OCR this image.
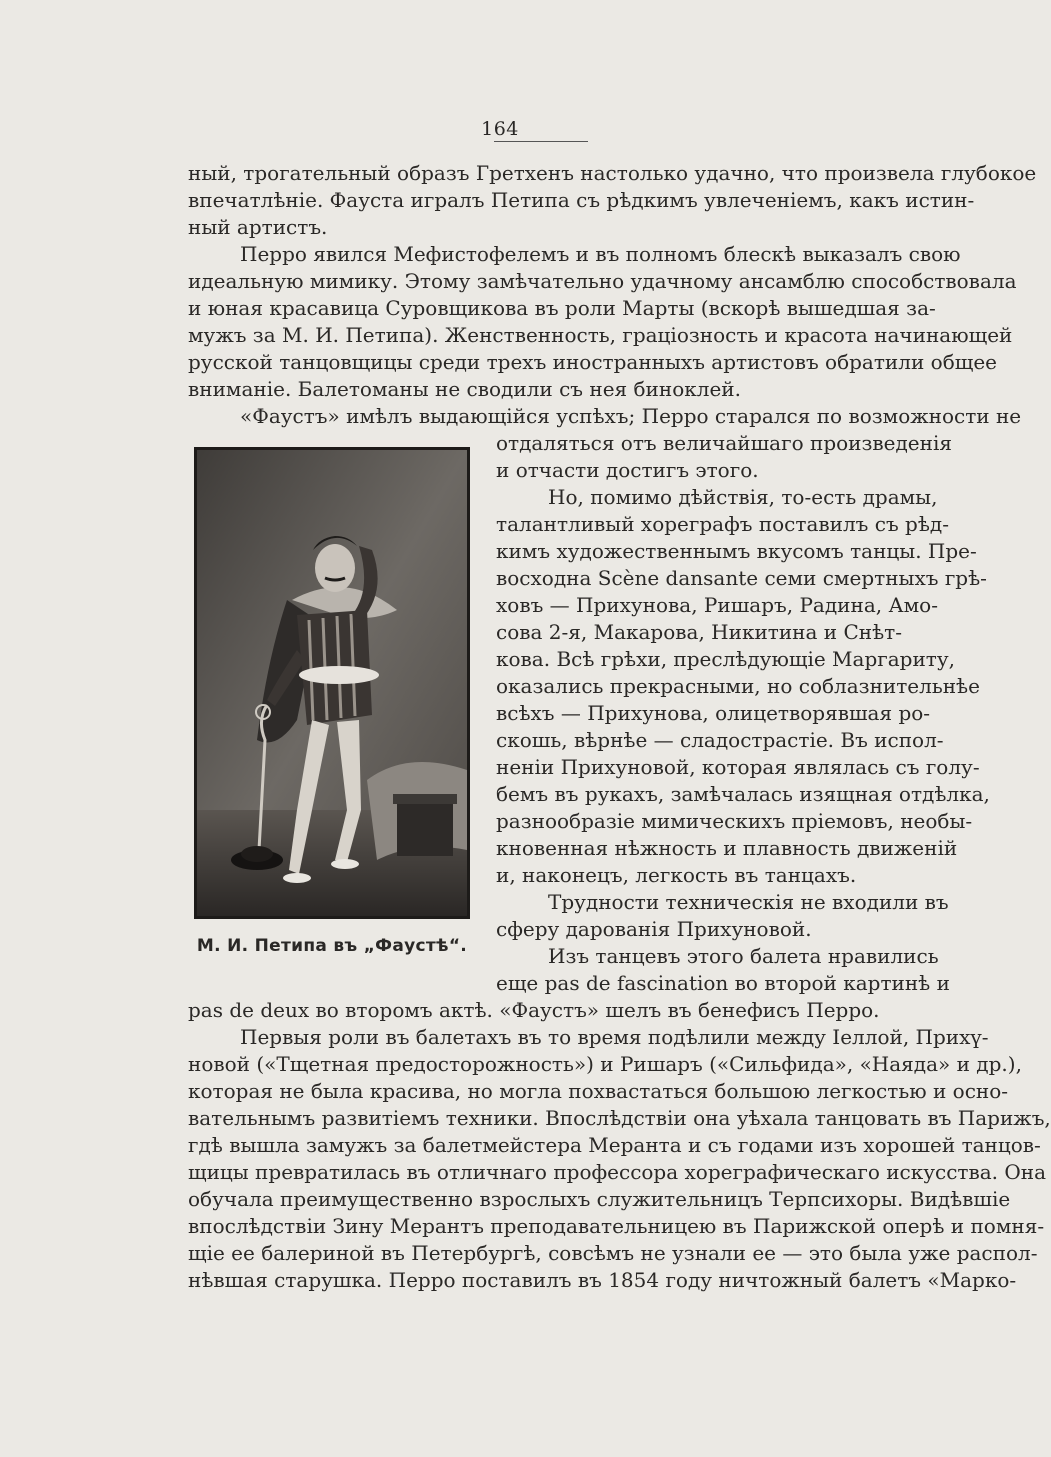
164
ный, трогательный образъ Гретхенъ настолько удачно, что произвела глубокое
впечатлѣніе. Фауста игралъ Петипа съ рѣдкимъ увлеченіемъ, какъ истин-
ный артистъ.
Перро явился Мефистофелемъ и въ полномъ блескѣ выказалъ свою
идеальную мимику. Этому замѣчательно удачному ансамблю способствовала
и юная красавица Суровщикова въ роли Марты (вскорѣ вышедшая за-
мужъ за М. И. Петипа). Женственность, граціозность и красота начинающей
русской танцовщицы среди трехъ иностранныхъ артистовъ обратили общее
вниманіе. Балетоманы не сводили съ нея биноклей.
«Фаустъ» имѣлъ выдающійся успѣхъ; Перро старался по возможности не
отдаляться отъ величайшаго произведенія
и отчасти достигъ этого.
Но, помимо дѣйствія, то-есть драмы,
талантливый хореграфъ поставилъ съ рѣд-
кимъ художественнымъ вкусомъ танцы. Пре-
восходна Scène dansante семи смертныхъ грѣ-
ховъ — Прихунова, Ришаръ, Радина, Амо-
сова 2-я, Макарова, Никитина и Снѣт-
кова. Всѣ грѣхи, преслѣдующіе Маргариту,
оказались прекрасными, но соблазнительнѣе
всѣхъ — Прихунова, олицетворявшая ро-
скошь, вѣрнѣе — сладострастіе. Въ испол-
неніи Прихуновой, которая являлась съ голу-
бемъ въ рукахъ, замѣчалась изящная отдѣлка,
разнообразіе мимическихъ пріемовъ, необы-
кновенная нѣжность и плавность движеній
и, наконецъ, легкость въ танцахъ.
Трудности техническія не входили въ
сферу дарованія Прихуновой.
Изъ танцевъ этого балета нравились
еще pas de fascination во второй картинѣ и
pas de deux во второмъ актѣ. «Фаустъ» шелъ въ бенефисъ Перро.
Первыя роли въ балетахъ въ то время подѣлили между Іеллой, Прихү-
новой («Тщетная предосторожность») и Ришаръ («Сильфида», «Наяда» и др.),
которая не была красива, но могла похвастаться большою легкостью и осно-
вательнымъ развитіемъ техники. Впослѣдствіи она уѣхала танцовать въ Парижъ,
гдѣ вышла замужъ за балетмейстера Меранта и съ годами изъ хорошей танцов-
щицы превратилась въ отличнаго профессора хореграфическаго искусства. Она
обучала преимущественно взрослыхъ служительницъ Терпсихоры. Видѣвшіе
впослѣдствіи Зину Мерантъ преподавательницею въ Парижской оперѣ и помня-
щіе ее балериной въ Петербургѣ, совсѣмъ не узнали ее — это была уже распол-
нѣвшая старушка. Перро поставилъ въ 1854 году ничтожный балетъ «Марко-
М. И. Петипа въ „Фаустѣ“.
